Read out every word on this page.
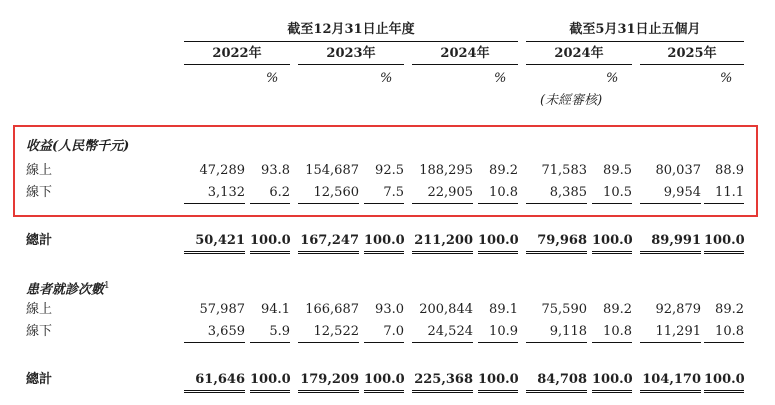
截至12月31日止年度	截至5月31日止五個月
2022年	2023年	2024年	2024年	2025年
%	%	%	%	%
(未經審核)
收益(人民幣千元)
線上	47,289	93.8	154,687	92.5	188,295	89.2	71,583	89.5	80,037	88.9
線下	3,132	6.2	12,560	7.5	22,905	10.8	8,385	10.5	9,954	11.1
總計	50,421 100.0 167,247 100.0 211,200 100.0	79,968 100.0	89,991 100.0
患者就診次數$^1$
線上	57,987	94.1	166,687	93.0	200,844	89.1	75,590	89.2	92,879	89.2
線下	3,659	5.9	12,522	7.0	24,524	10.9	9,118	10.8	11,291	10.8
總計	61,646 100.0 179,209 100.0 225,368 100.0	84,708 100.0 104,170 100.0
